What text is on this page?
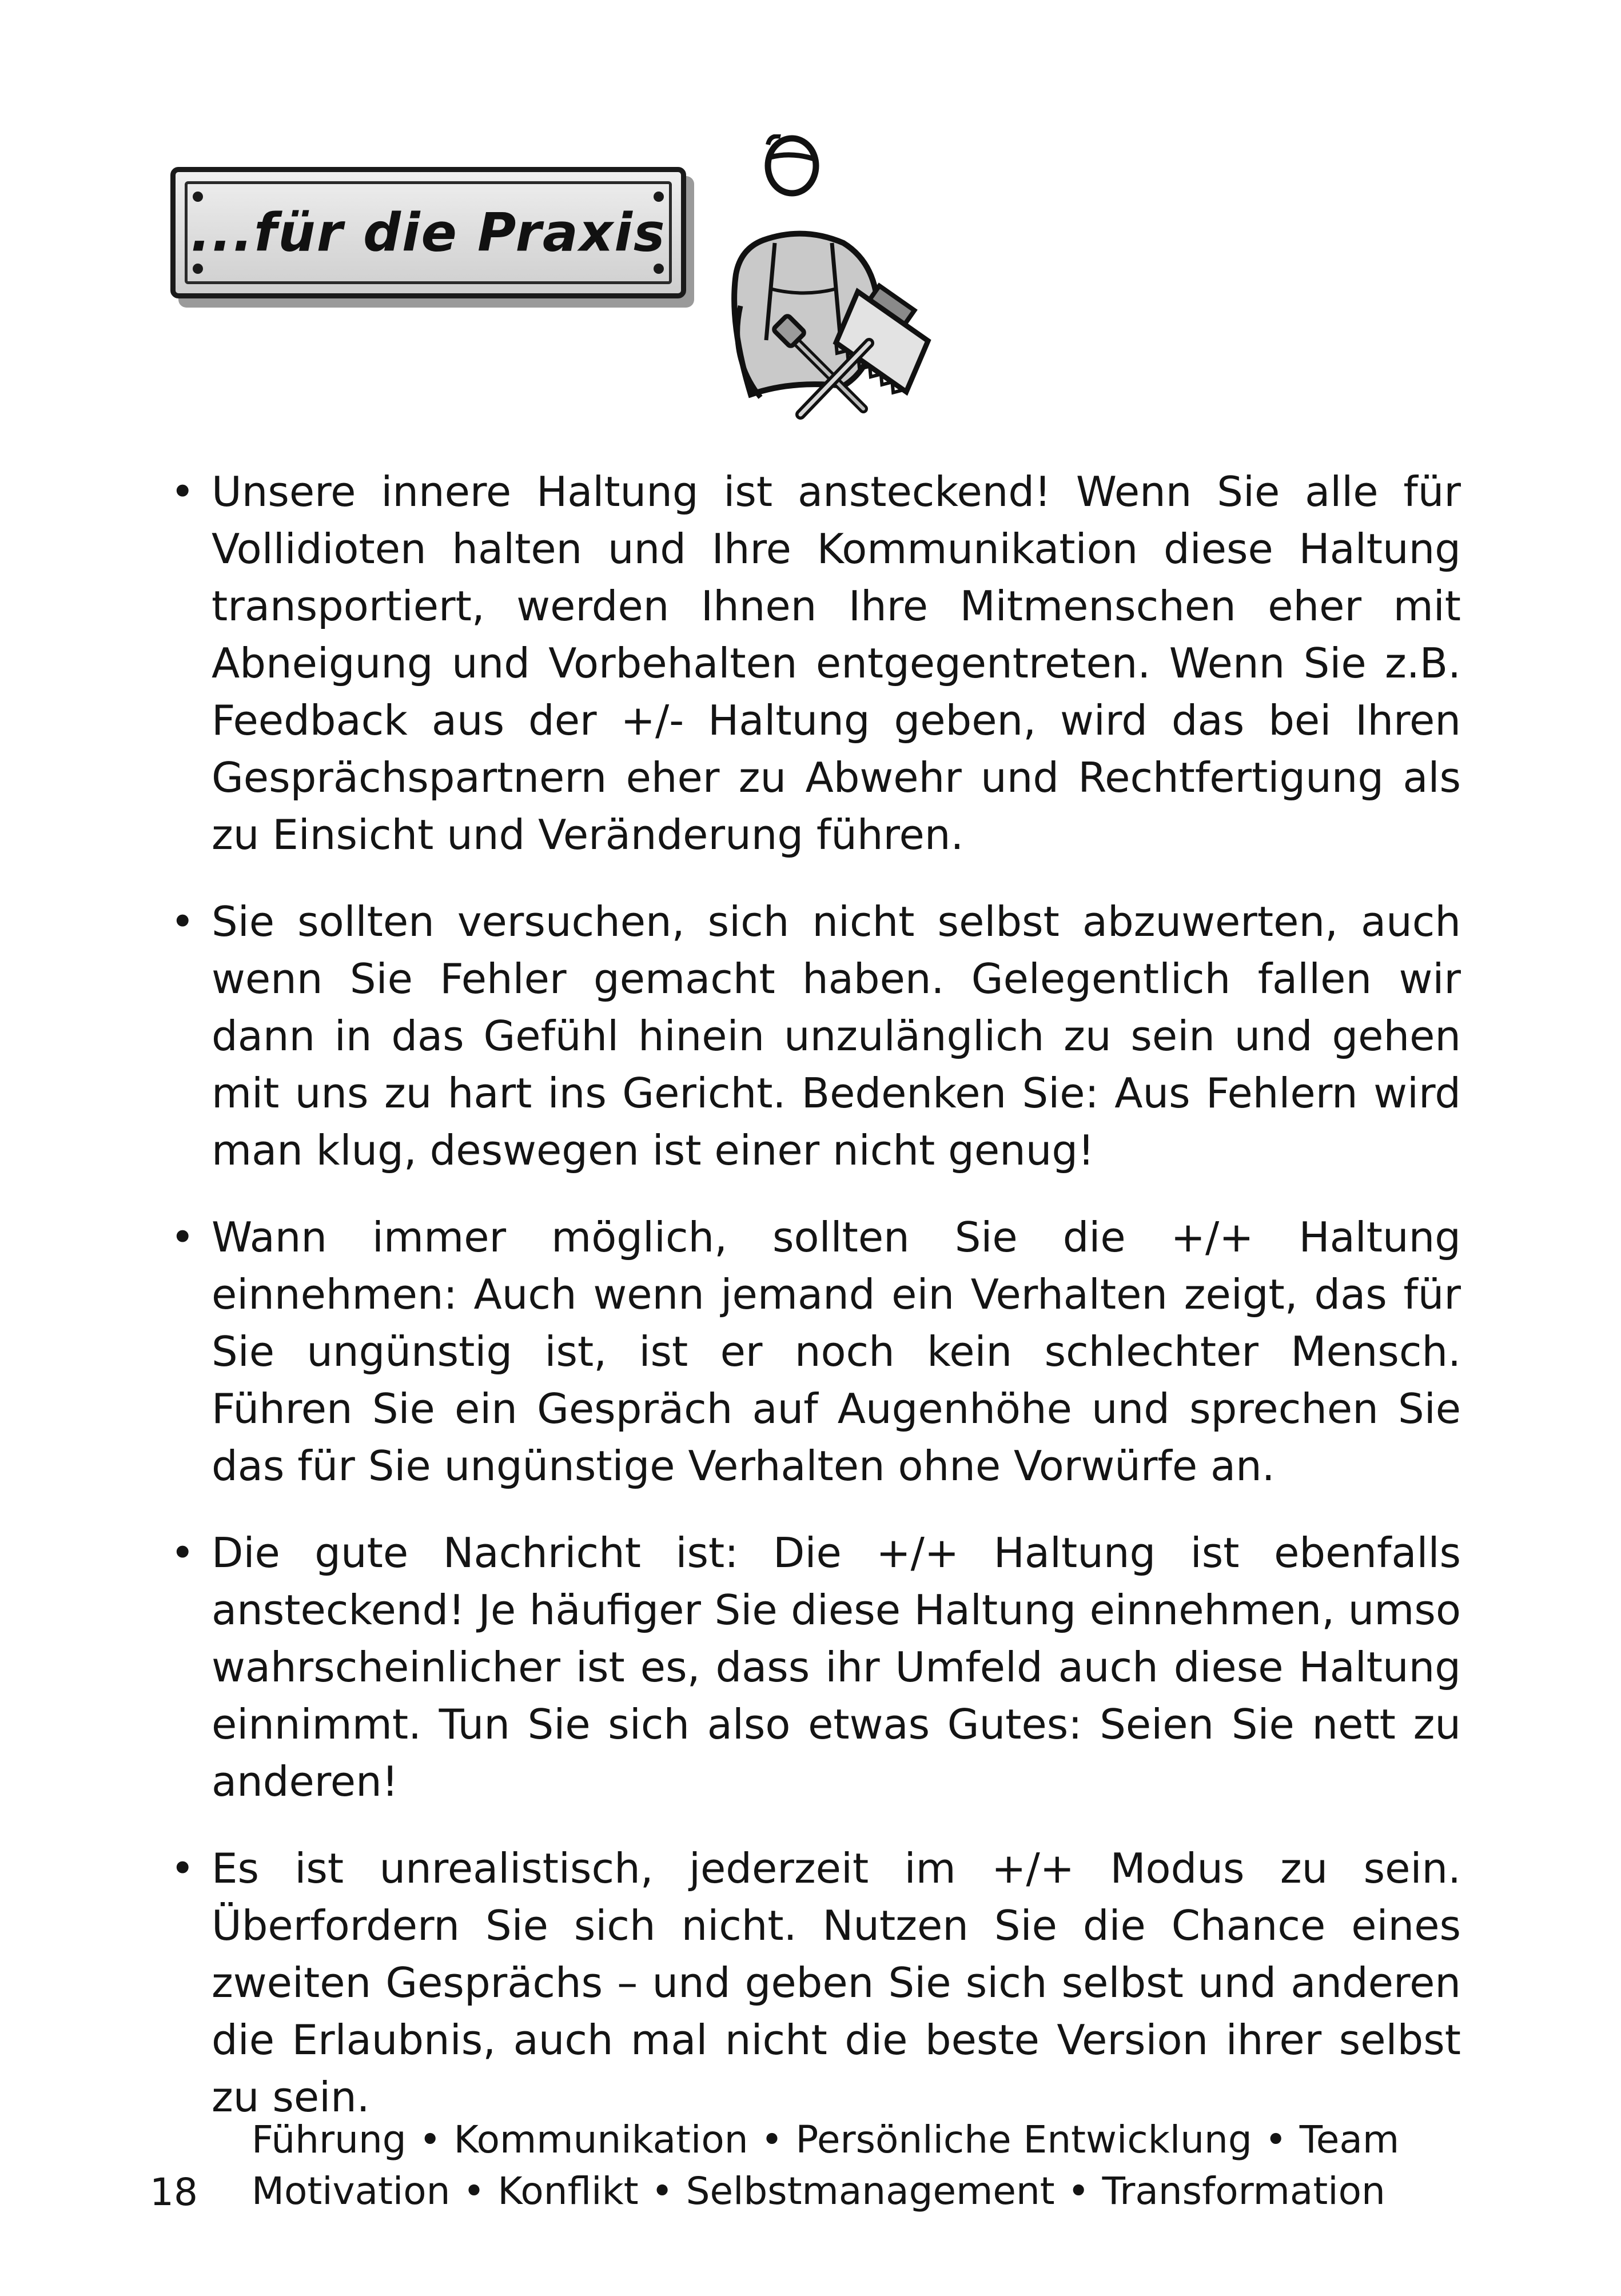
...für die Praxis

• Unsere innere Haltung ist ansteckend! Wenn Sie alle für Vollidioten halten und Ihre Kommunikation diese Haltung transportiert, werden Ihnen Ihre Mitmenschen eher mit Abneigung und Vorbehalten entgegentreten. Wenn Sie z.B. Feedback aus der +/- Haltung geben, wird das bei Ihren Gesprächspartnern eher zu Abwehr und Rechtfertigung als zu Einsicht und Veränderung führen.

• Sie sollten versuchen, sich nicht selbst abzuwerten, auch wenn Sie Fehler gemacht haben. Gelegentlich fallen wir dann in das Gefühl hinein unzulänglich zu sein und gehen mit uns zu hart ins Gericht. Bedenken Sie: Aus Fehlern wird man klug, deswegen ist einer nicht genug!

• Wann immer möglich, sollten Sie die +/+ Haltung einnehmen: Auch wenn jemand ein Verhalten zeigt, das für Sie ungünstig ist, ist er noch kein schlechter Mensch. Führen Sie ein Gespräch auf Augenhöhe und sprechen Sie das für Sie ungünstige Verhalten ohne Vorwürfe an.

• Die gute Nachricht ist: Die +/+ Haltung ist ebenfalls ansteckend! Je häufiger Sie diese Haltung einnehmen, umso wahrscheinlicher ist es, dass ihr Umfeld auch diese Haltung einnimmt. Tun Sie sich also etwas Gutes: Seien Sie nett zu anderen!

• Es ist unrealistisch, jederzeit im +/+ Modus zu sein. Überfordern Sie sich nicht. Nutzen Sie die Chance eines zweiten Gesprächs – und geben Sie sich selbst und anderen die Erlaubnis, auch mal nicht die beste Version ihrer selbst zu sein.

18
Führung • Kommunikation • Persönliche Entwicklung • Team
Motivation • Konflikt • Selbstmanagement • Transformation
